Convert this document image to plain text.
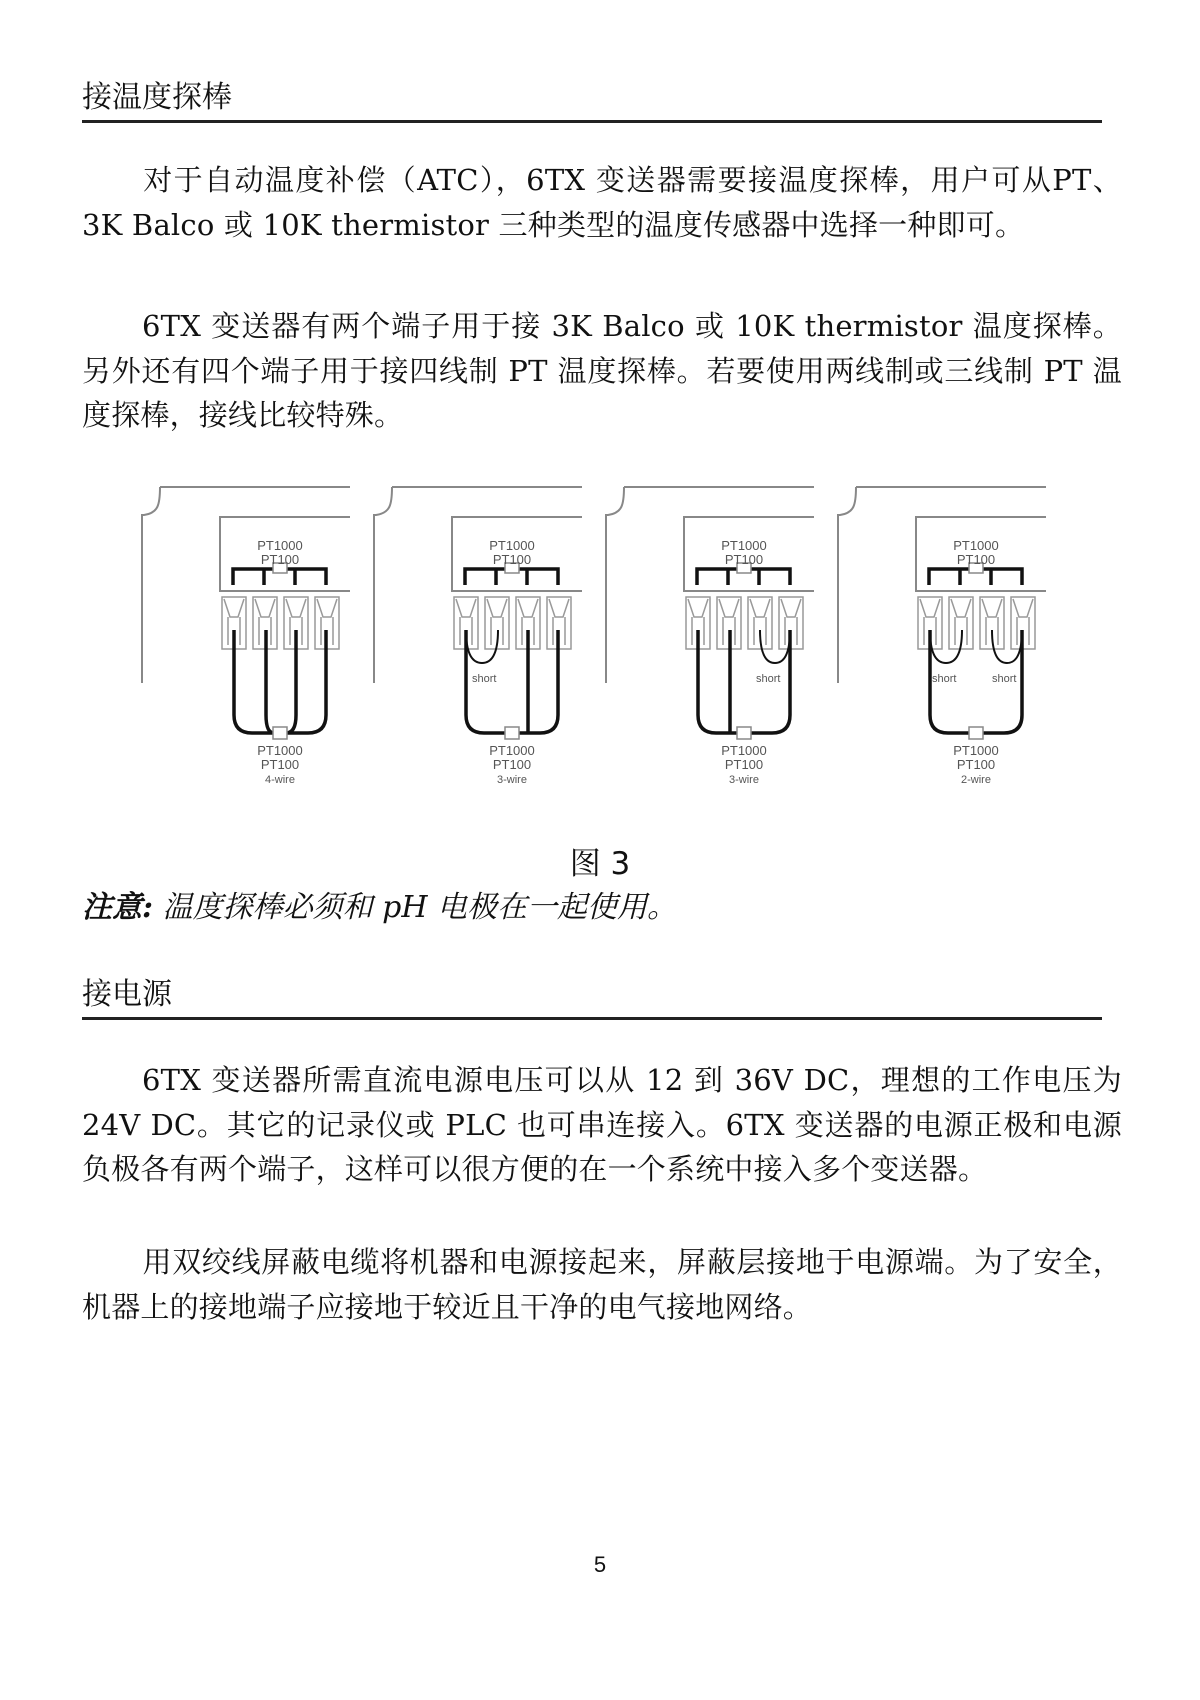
接温度探棒
对于自动温度补偿（ATC），6TX 变送器需要接温度探棒，用户可从PT、3K Balco 或 10K thermistor 三种类型的温度传感器中选择一种即可。
6TX 变送器有两个端子用于接 3K Balco 或 10K thermistor 温度探棒。另外还有四个端子用于接四线制 PT 温度探棒。若要使用两线制或三线制 PT 温度探棒，接线比较特殊。
PT1000
PT100
PT1000
PT100
4-wire
PT1000
PT100
short
PT1000
PT100
3-wire
PT1000
PT100
short
PT1000
PT100
3-wire
PT1000
PT100
short	short
PT1000
PT100
2-wire
图 3
注意: 温度探棒必须和 pH 电极在一起使用。
接电源
6TX 变送器所需直流电源电压可以从 12 到 36V DC，理想的工作电压为 24V DC。其它的记录仪或 PLC 也可串连接入。6TX 变送器的电源正极和电源负极各有两个端子，这样可以很方便的在一个系统中接入多个变送器。
用双绞线屏蔽电缆将机器和电源接起来，屏蔽层接地于电源端。为了安全，机器上的接地端子应接地于较近且干净的电气接地网络。
5
